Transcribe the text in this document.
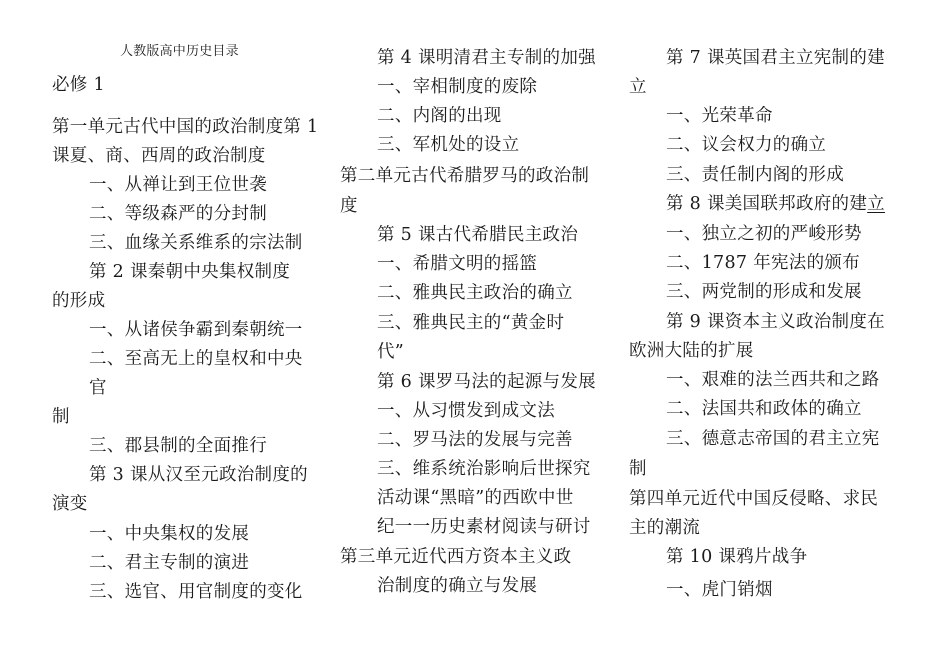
人教版高中历史目录
必修 1
第一单元古代中国的政治制度第 1
课夏、商、西周的政治制度
一、从禅让到王位世袭
二、等级森严的分封制
三、血缘关系维系的宗法制
第 2 课秦朝中央集权制度
的形成
一、从诸侯争霸到秦朝统一
二、至高无上的皇权和中央
官
制
三、郡县制的全面推行
第 3 课从汉至元政治制度的
演变
一、中央集权的发展
二、君主专制的演进
三、选官、用官制度的变化
第 4 课明清君主专制的加强
一、宰相制度的废除
二、内阁的出现
三、军机处的设立
第二单元古代希腊罗马的政治制
度
第 5 课古代希腊民主政治
一、希腊文明的摇篮
二、雅典民主政治的确立
三、雅典民主的“黄金时
代”
第 6 课罗马法的起源与发展
一、从习惯发到成文法
二、罗马法的发展与完善
三、维系统治影响后世探究
活动课“黑暗”的西欧中世
纪一一历史素材阅读与研讨
第三单元近代西方资本主义政
治制度的确立与发展
第 7 课英国君主立宪制的建
立
一、光荣革命
二、议会权力的确立
三、责任制内阁的形成
第 8 课美国联邦政府的建立
一、独立之初的严峻形势
二、1787 年宪法的颁布
三、两党制的形成和发展
第 9 课资本主义政治制度在
欧洲大陆的扩展
一、艰难的法兰西共和之路
二、法国共和政体的确立
三、德意志帝国的君主立宪
制
第四单元近代中国反侵略、求民
主的潮流
第 10 课鸦片战争
一、虎门销烟
